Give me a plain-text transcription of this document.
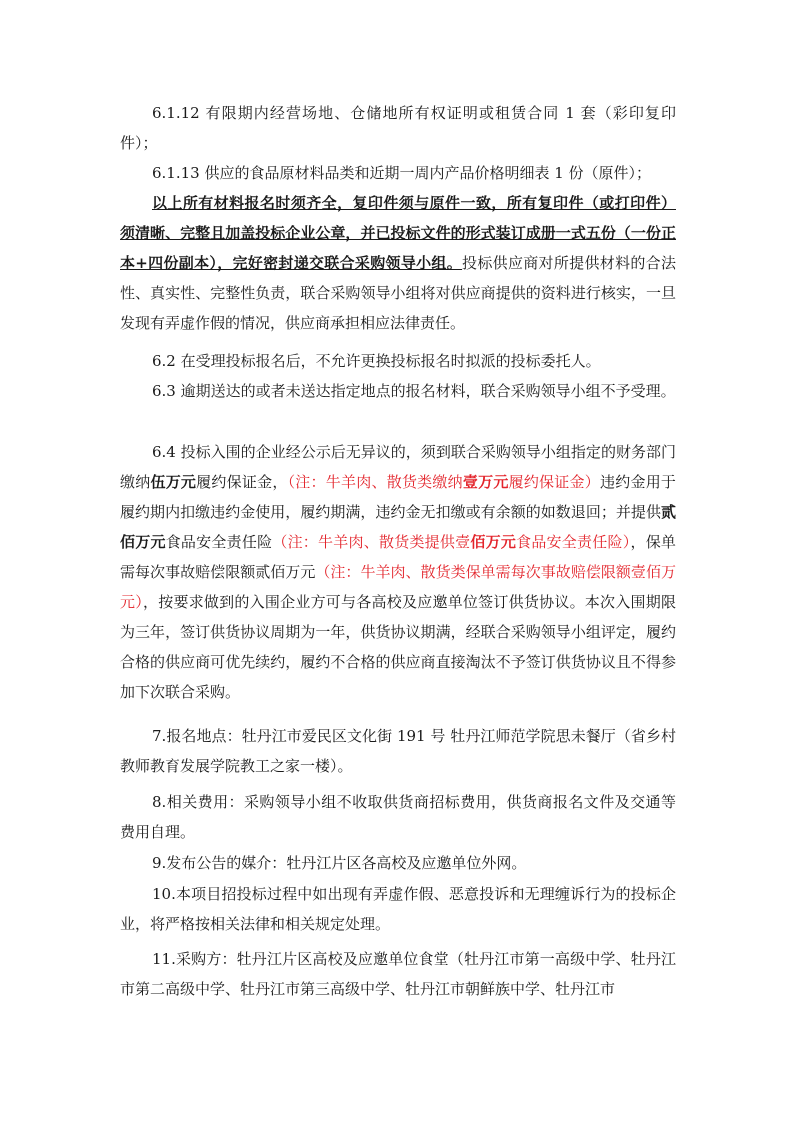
6.1.12 有限期内经营场地、仓储地所有权证明或租赁合同 1 套（彩印复印件）；

6.1.13 供应的食品原材料品类和近期一周内产品价格明细表 1 份（原件）；

以上所有材料报名时须齐全，复印件须与原件一致，所有复印件（或打印件）须清晰、完整且加盖投标企业公章，并已投标文件的形式装订成册一式五份（一份正本+四份副本），完好密封递交联合采购领导小组。投标供应商对所提供材料的合法性、真实性、完整性负责，联合采购领导小组将对供应商提供的资料进行核实，一旦发现有弄虚作假的情况，供应商承担相应法律责任。

6.2 在受理投标报名后，不允许更换投标报名时拟派的投标委托人。

6.3 逾期送达的或者未送达指定地点的报名材料，联合采购领导小组不予受理。

6.4 投标入围的企业经公示后无异议的，须到联合采购领导小组指定的财务部门缴纳伍万元履约保证金，（注：牛羊肉、散货类缴纳壹万元履约保证金）违约金用于履约期内扣缴违约金使用，履约期满，违约金无扣缴或有余额的如数退回；并提供贰佰万元食品安全责任险（注：牛羊肉、散货类提供壹佰万元食品安全责任险），保单需每次事故赔偿限额贰佰万元（注：牛羊肉、散货类保单需每次事故赔偿限额壹佰万元），按要求做到的入围企业方可与各高校及应邀单位签订供货协议。本次入围期限为三年，签订供货协议周期为一年，供货协议期满，经联合采购领导小组评定，履约合格的供应商可优先续约，履约不合格的供应商直接淘汰不予签订供货协议且不得参加下次联合采购。

7.报名地点：牡丹江市爱民区文化街 191 号 牡丹江师范学院思未餐厅（省乡村教师教育发展学院教工之家一楼）。

8.相关费用：采购领导小组不收取供货商招标费用，供货商报名文件及交通等费用自理。

9.发布公告的媒介：牡丹江片区各高校及应邀单位外网。

10.本项目招投标过程中如出现有弄虚作假、恶意投诉和无理缠诉行为的投标企业，将严格按相关法律和相关规定处理。

11.采购方：牡丹江片区高校及应邀单位食堂（牡丹江市第一高级中学、牡丹江市第二高级中学、牡丹江市第三高级中学、牡丹江市朝鲜族中学、牡丹江市
